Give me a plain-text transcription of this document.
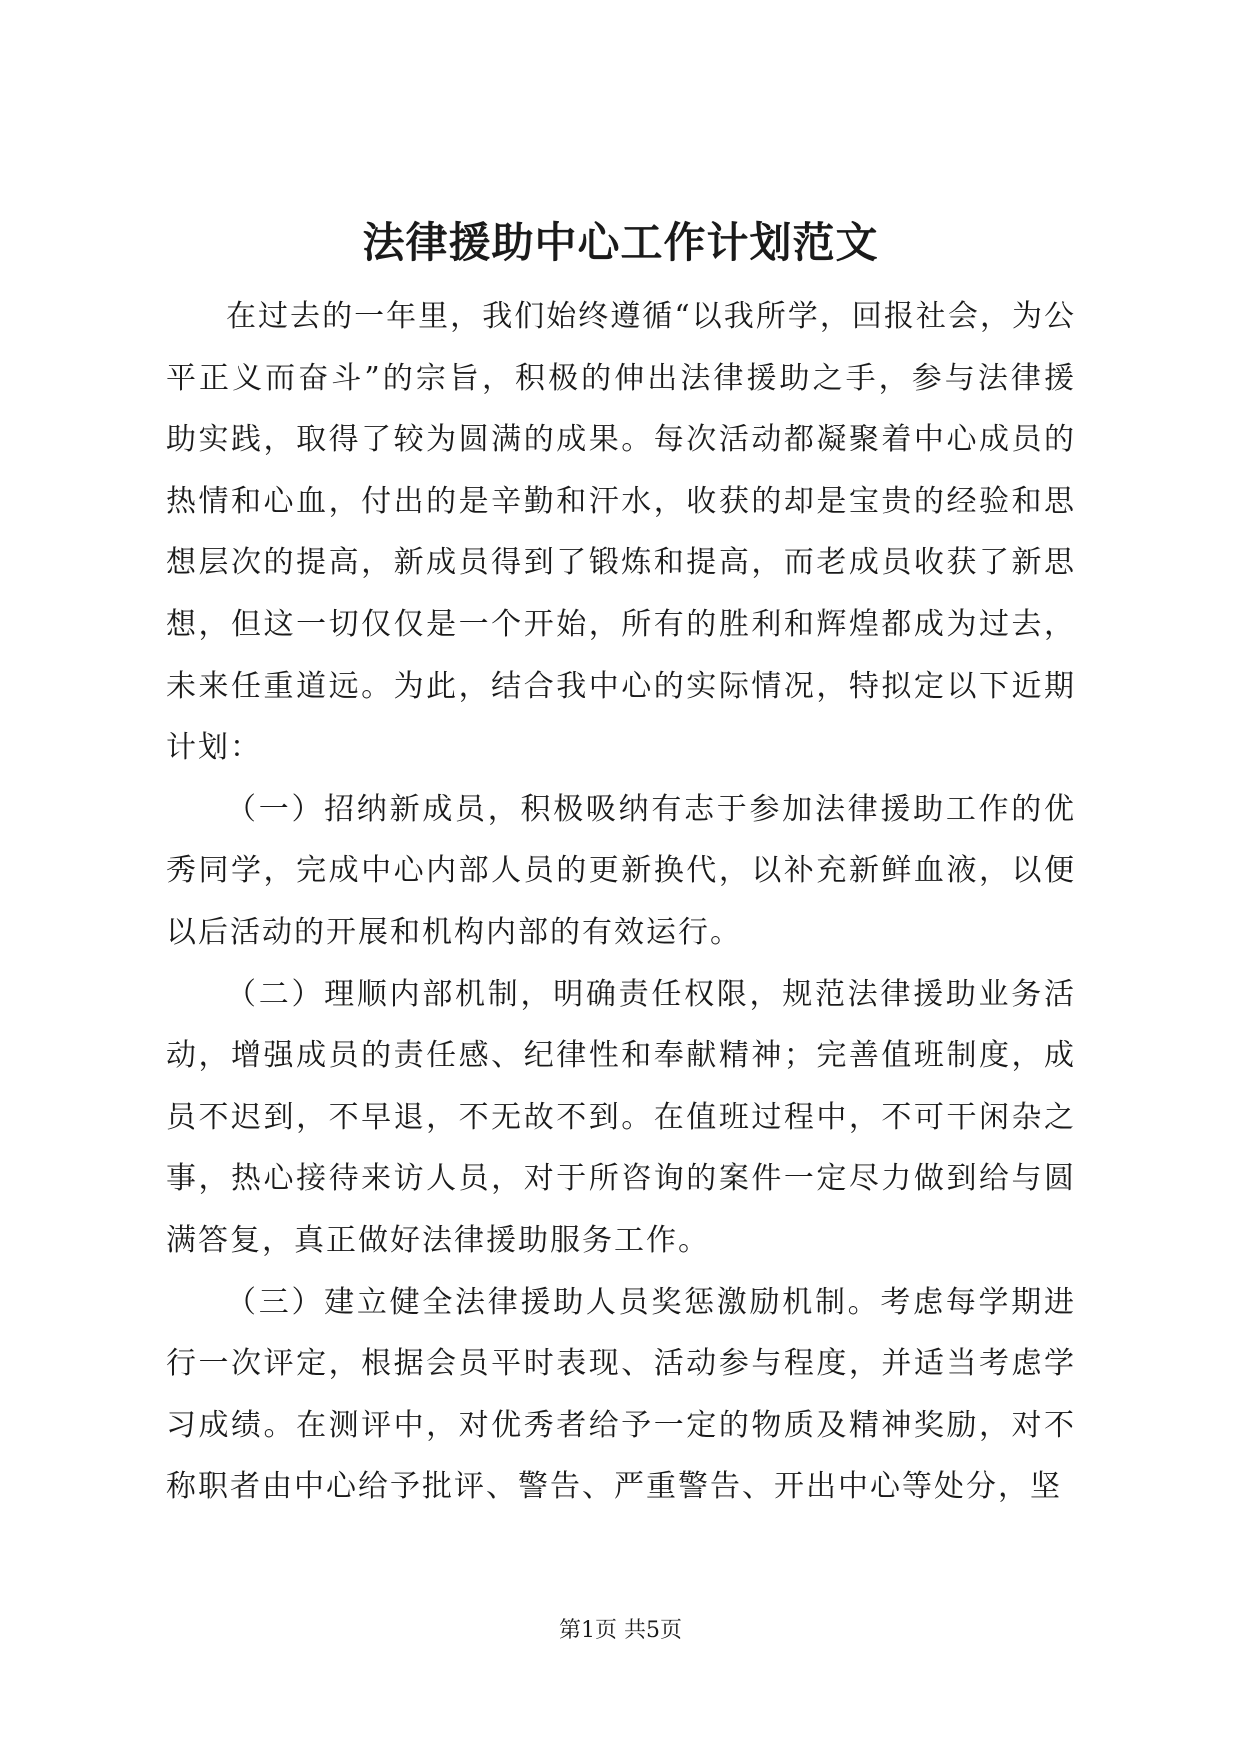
法律援助中心工作计划范文

在过去的一年里，我们始终遵循“以我所学，回报社会，为公平正义而奋斗”的宗旨，积极的伸出法律援助之手，参与法律援助实践，取得了较为圆满的成果。每次活动都凝聚着中心成员的热情和心血，付出的是辛勤和汗水，收获的却是宝贵的经验和思想层次的提高，新成员得到了锻炼和提高，而老成员收获了新思想，但这一切仅仅是一个开始，所有的胜利和辉煌都成为过去，未来任重道远。为此，结合我中心的实际情况，特拟定以下近期计划：

（一）招纳新成员，积极吸纳有志于参加法律援助工作的优秀同学，完成中心内部人员的更新换代，以补充新鲜血液，以便以后活动的开展和机构内部的有效运行。

（二）理顺内部机制，明确责任权限，规范法律援助业务活动，增强成员的责任感、纪律性和奉献精神；完善值班制度，成员不迟到，不早退，不无故不到。在值班过程中，不可干闲杂之事，热心接待来访人员，对于所咨询的案件一定尽力做到给与圆满答复，真正做好法律援助服务工作。

（三）建立健全法律援助人员奖惩激励机制。考虑每学期进行一次评定，根据会员平时表现、活动参与程度，并适当考虑学习成绩。在测评中，对优秀者给予一定的物质及精神奖励，对不称职者由中心给予批评、警告、严重警告、开出中心等处分，坚

第1页 共5页
